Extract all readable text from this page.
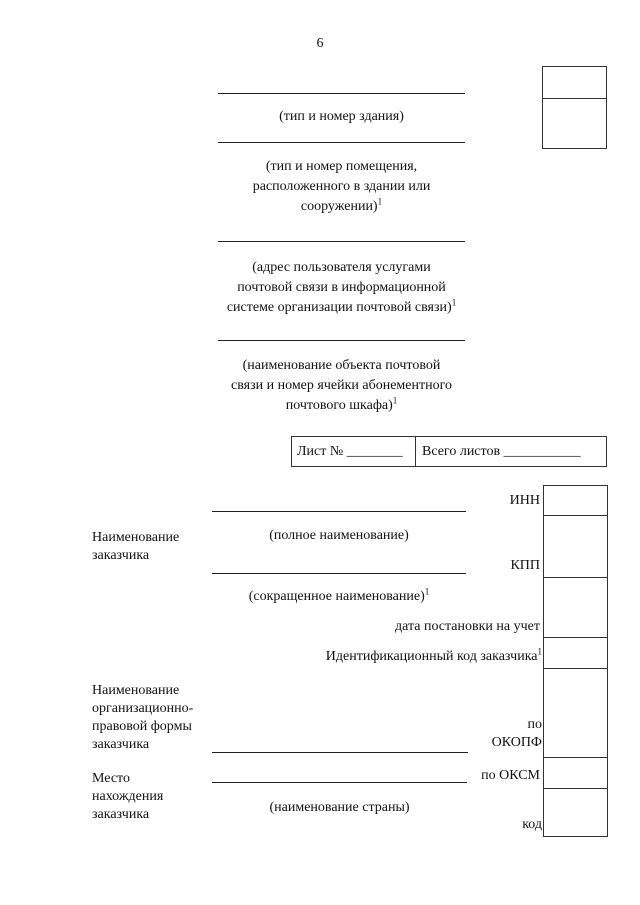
6
(тип и номер здания)
(тип и номер помещения,
расположенного в здании или
сооружении)$^1$
(адрес пользователя услугами
почтовой связи в информационной
системе организации почтовой связи)$^1$
(наименование объекта почтовой
связи и номер ячейки абонементного
почтового шкафа)$^1$
Лист № ________	Всего листов ___________
Наименование
заказчика
(полное наименование)
(сокращенное наименование)$^1$
ИНН
КПП
дата постановки на учет
Идентификационный код заказчика$^1$
Наименование
организационно-
правовой формы
заказчика
по
ОКОПФ
Место
нахождения
заказчика
по ОКСМ
(наименование страны)
код
